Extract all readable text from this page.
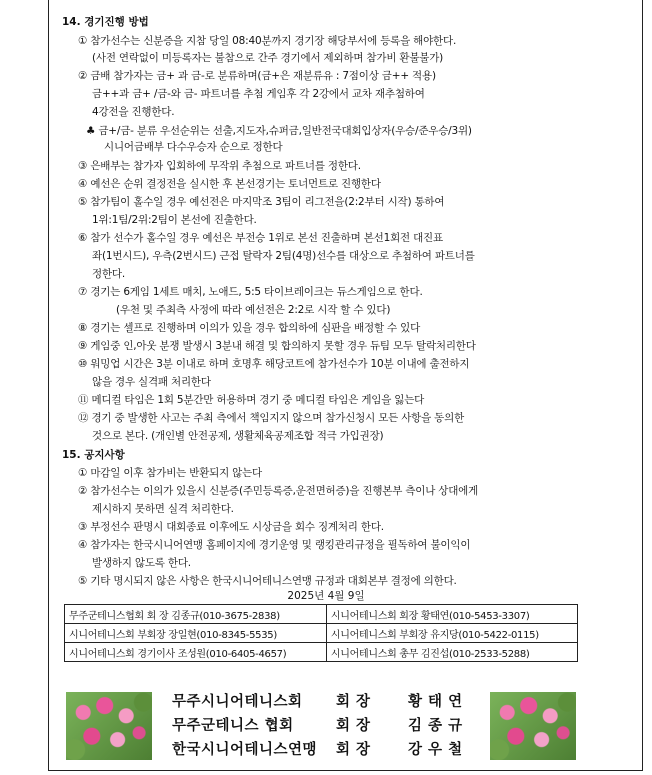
14. 경기진행 방법
① 참가선수는 신분증을 지참 당일 08:40분까지 경기장 해당부서에 등록을 해야한다.
(사전 연락없이 미등록자는 불참으로 간주 경기에서 제외하며 참가비 환불불가)
② 금배 참가자는 금+ 과 금-로 분류하며(금+은 재분류유 : 7점이상 금++ 적용)
금++과 금+ /금-와 금- 파트너를 추첨 게임후 각 2강에서 교차 재추첨하여
4강전을 진행한다.
♣ 금+/금- 분류 우선순위는 선출,지도자,슈퍼금,일반전국대회입상자(우승/준우승/3위)
시니어금배부 다수우승자 순으로 정한다
③ 은배부는 참가자 입회하에 무작위 추첨으로 파트너를 정한다.
④ 예선은 순위 결정전을 실시한 후 본선경기는 토너먼트로 진행한다
⑤ 참가팀이 홀수일 경우 예선전은 마지막조 3팀이 리그전을(2:2부터 시작) 통하여
1위:1팀/2위:2팀이 본선에 진출한다.
⑥ 참가 선수가 홀수일 경우 예선은 부전승 1위로 본선 진출하며 본선1회전 대진표
좌(1번시드), 우측(2번시드) 근접 탈락자 2팀(4명)선수를 대상으로 추첨하여 파트너를
정한다.
⑦ 경기는 6게임 1세트 매치, 노애드, 5:5 타이브레이크는 듀스게임으로 한다.
(우천 및 주최측 사정에 따라 예선전은 2:2로 시작 할 수 있다)
⑧ 경기는 셀프로 진행하며 이의가 있을 경우 합의하에 심판을 배정할 수 있다
⑨ 게임중 인,아웃 분쟁 발생시 3분내 해결 및 합의하지 못할 경우 듀팀 모두 탈락처리한다
⑩ 워밍업 시간은 3분 이내로 하며 호명후 해당코트에 참가선수가 10분 이내에 출전하지
않을 경우 실격패 처리한다
⑪ 메디컬 타임은 1회 5분간만 허용하며 경기 중 메디컬 타임은 게임을 잃는다
⑫ 경기 중 발생한 사고는 주최 측에서 책임지지 않으며 참가신청시 모든 사항을 동의한
것으로 본다. (개인별 안전공제, 생활체육공제조합 적극 가입권장)
15. 공지사항
① 마감일 이후 참가비는 반환되지 않는다
② 참가선수는 이의가 있을시 신분증(주민등록증,운전면허증)을 진행본부 측이나 상대에게
제시하지 못하면 실격 처리한다.
③ 부정선수 판명시 대회종료 이후에도 시상금을 회수 징계처리 한다.
④ 참가자는 한국시니어연맹 홈페이지에 경기운영 및 랭킹관리규정을 필독하여 불이익이
발생하지 않도록 한다.
⑤ 기타 명시되지 않은 사항은 한국시니어테니스연맹 규정과 대회본부 결정에 의한다.
2025년 4월 9일
무주군테니스협회 회 장 김종규(010-3675-2838)	시니어테니스회 회장 황태연(010-5453-3307)
시니어테니스회 부회장 장일현(010-8345-5535)	시니어테니스회 부회장 유지당(010-5422-0115)
시니어테니스회 경기이사 조성원(010-6405-4657)	시니어테니스회 총무 김진섭(010-2533-5288)
무주시니어테니스회 회 장	황 태 연
무주군테니스 협회	회 장	김 종 규
한국시니어테니스연맹 회 장	강 우 철
